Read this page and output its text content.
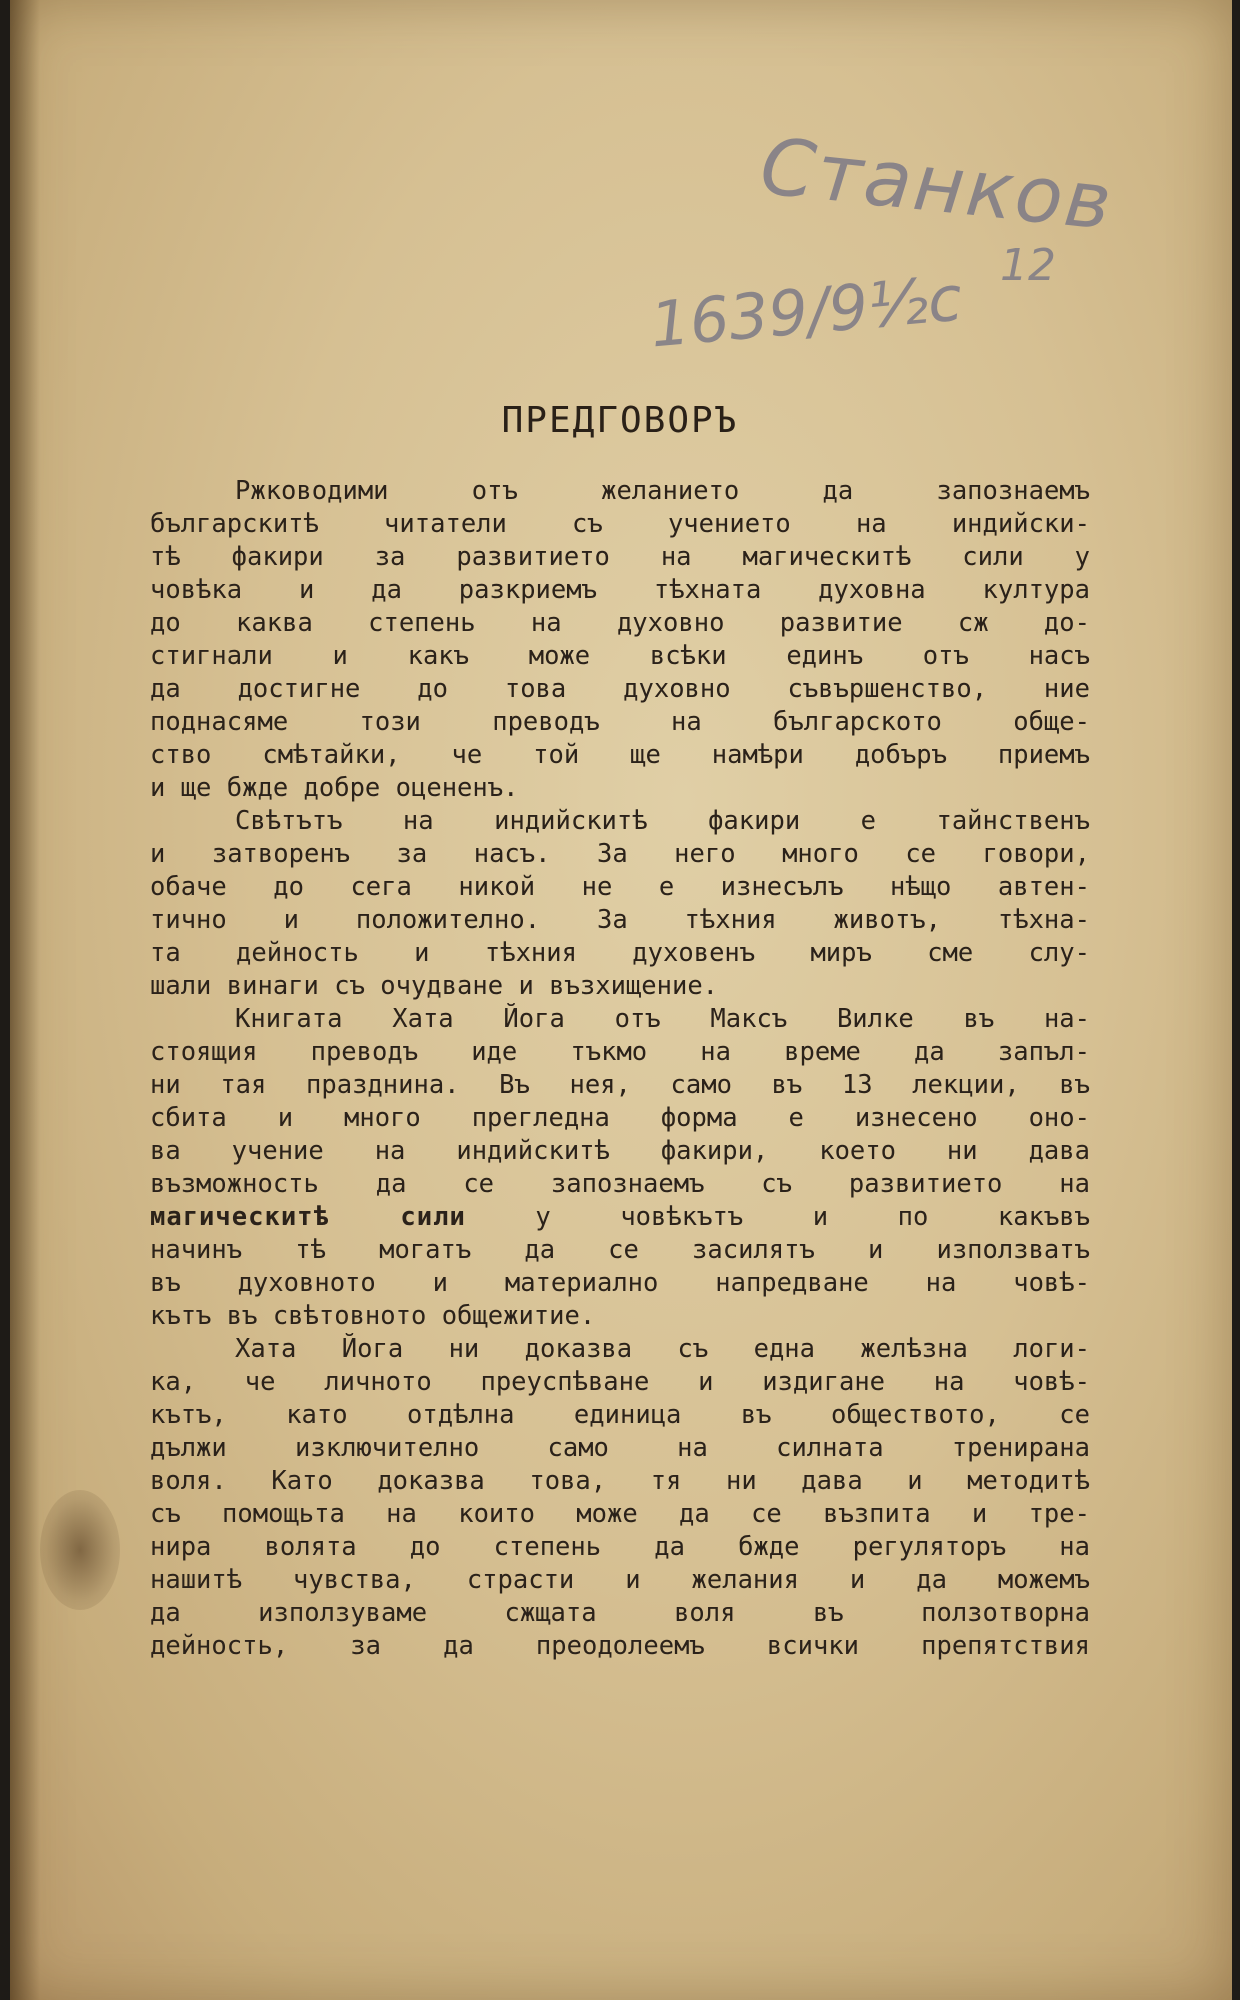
Станков
12
1639/9½с
ПРЕДГОВОРЪ
Ржководими отъ желанието да запознаемъ
българскитѣ читатели съ учението на индийски-
тѣ факири за развитието на магическитѣ сили у
човѣка и да разкриемъ тѣхната духовна култура
до каква степень на духовно развитие сж до-
стигнали и какъ може всѣки единъ отъ насъ
да достигне до това духовно съвършенство, ние
поднасяме този преводъ на българското обще-
ство смѣтайки, че той ще намѣри добъръ приемъ
и ще бжде добре оцененъ.
Свѣтътъ на индийскитѣ факири е тайнственъ
и затворенъ за насъ. За него много се говори,
обаче до сега никой не е изнесълъ нѣщо автен-
тично и положително. За тѣхния животъ, тѣхна-
та дейность и тѣхния духовенъ миръ сме слу-
шали винаги съ очудване и възхищение.
Книгата Хата Йога отъ Максъ Вилке въ на-
стоящия преводъ иде тъкмо на време да запъл-
ни тая празднина. Въ нея, само въ 13 лекции, въ
сбита и много прегледна форма е изнесено оно-
ва учение на индийскитѣ факири, което ни дава
възможность да се запознаемъ съ развитието на
магическитѣ сили у човѣкътъ и по какъвъ
начинъ тѣ могатъ да се засилятъ и използватъ
въ духовното и материално напредване на човѣ-
кътъ въ свѣтовното общежитие.
Хата Йога ни доказва съ една желѣзна логи-
ка, че личното преуспѣване и издигане на човѣ-
кътъ, като отдѣлна единица въ обществото, се
дължи изключително само на силната тренирана
воля. Като доказва това, тя ни дава и методитѣ
съ помощьта на които може да се възпита и тре-
нира волята до степень да бжде регуляторъ на
нашитѣ чувства, страсти и желания и да можемъ
да използуваме сжщата воля въ ползотворна
дейность, за да преодолеемъ всички препятствия
